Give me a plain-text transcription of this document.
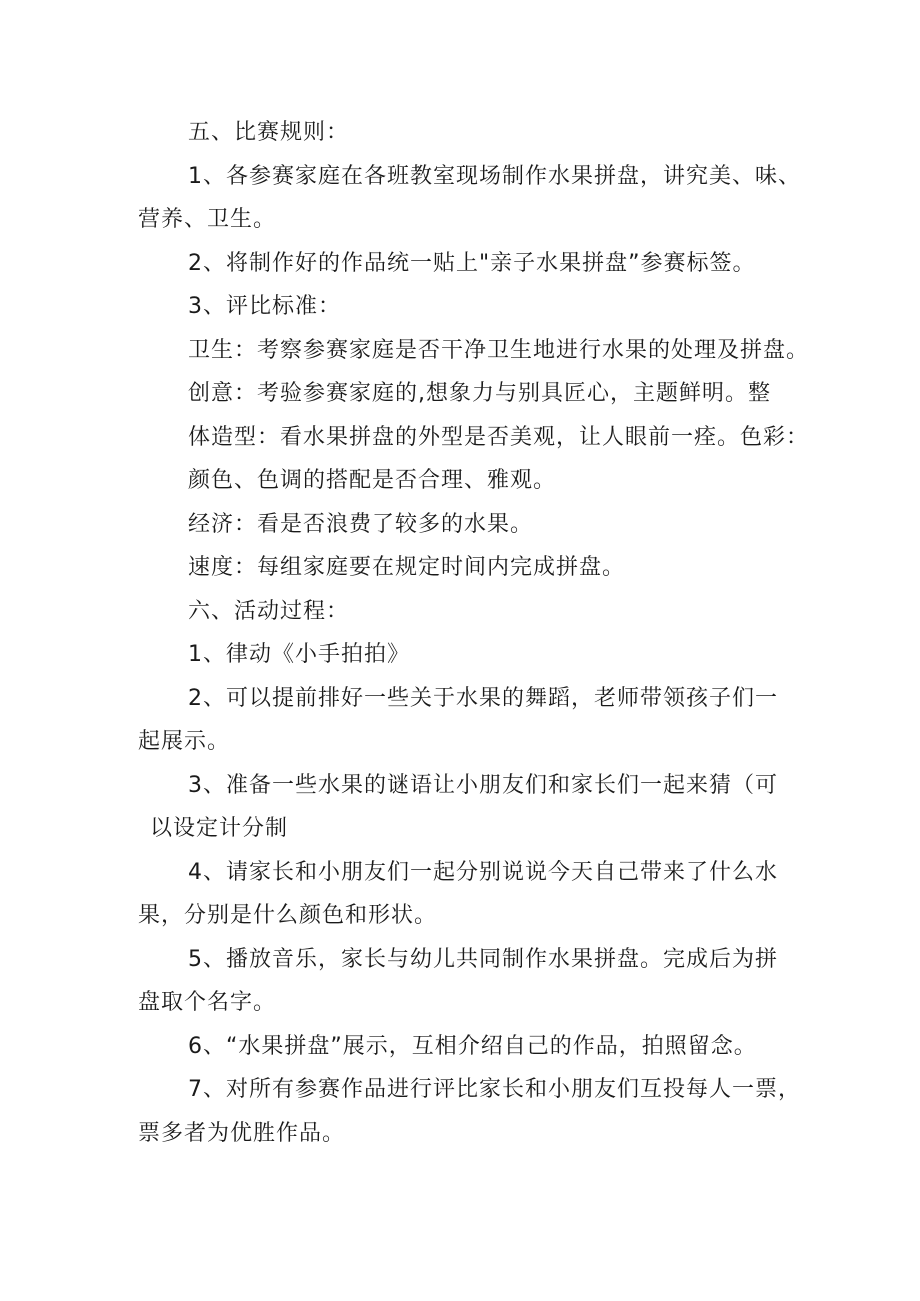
五、比赛规则：
1、各参赛家庭在各班教室现场制作水果拼盘，讲究美、味、
营养、卫生。
2、将制作好的作品统一贴上"亲子水果拼盘”参赛标签。
3、评比标准：
卫生：考察参赛家庭是否干净卫生地进行水果的处理及拼盘。
创意：考验参赛家庭的,想象力与别具匠心，主题鲜明。整
体造型：看水果拼盘的外型是否美观，让人眼前一痊。色彩：
颜色、色调的搭配是否合理、雅观。
经济：看是否浪费了较多的水果。
速度：每组家庭要在规定时间内完成拼盘。
六、活动过程：
1、律动《小手拍拍》
2、可以提前排好一些关于水果的舞蹈，老师带领孩子们一
起展示。
3、准备一些水果的谜语让小朋友们和家长们一起来猜（可
以设定计分制
4、请家长和小朋友们一起分别说说今天自己带来了什么水
果，分别是什么颜色和形状。
5、播放音乐，家长与幼儿共同制作水果拼盘。完成后为拼
盘取个名字。
6、“水果拼盘”展示，互相介绍自己的作品，拍照留念。
7、对所有参赛作品进行评比家长和小朋友们互投每人一票，
票多者为优胜作品。
